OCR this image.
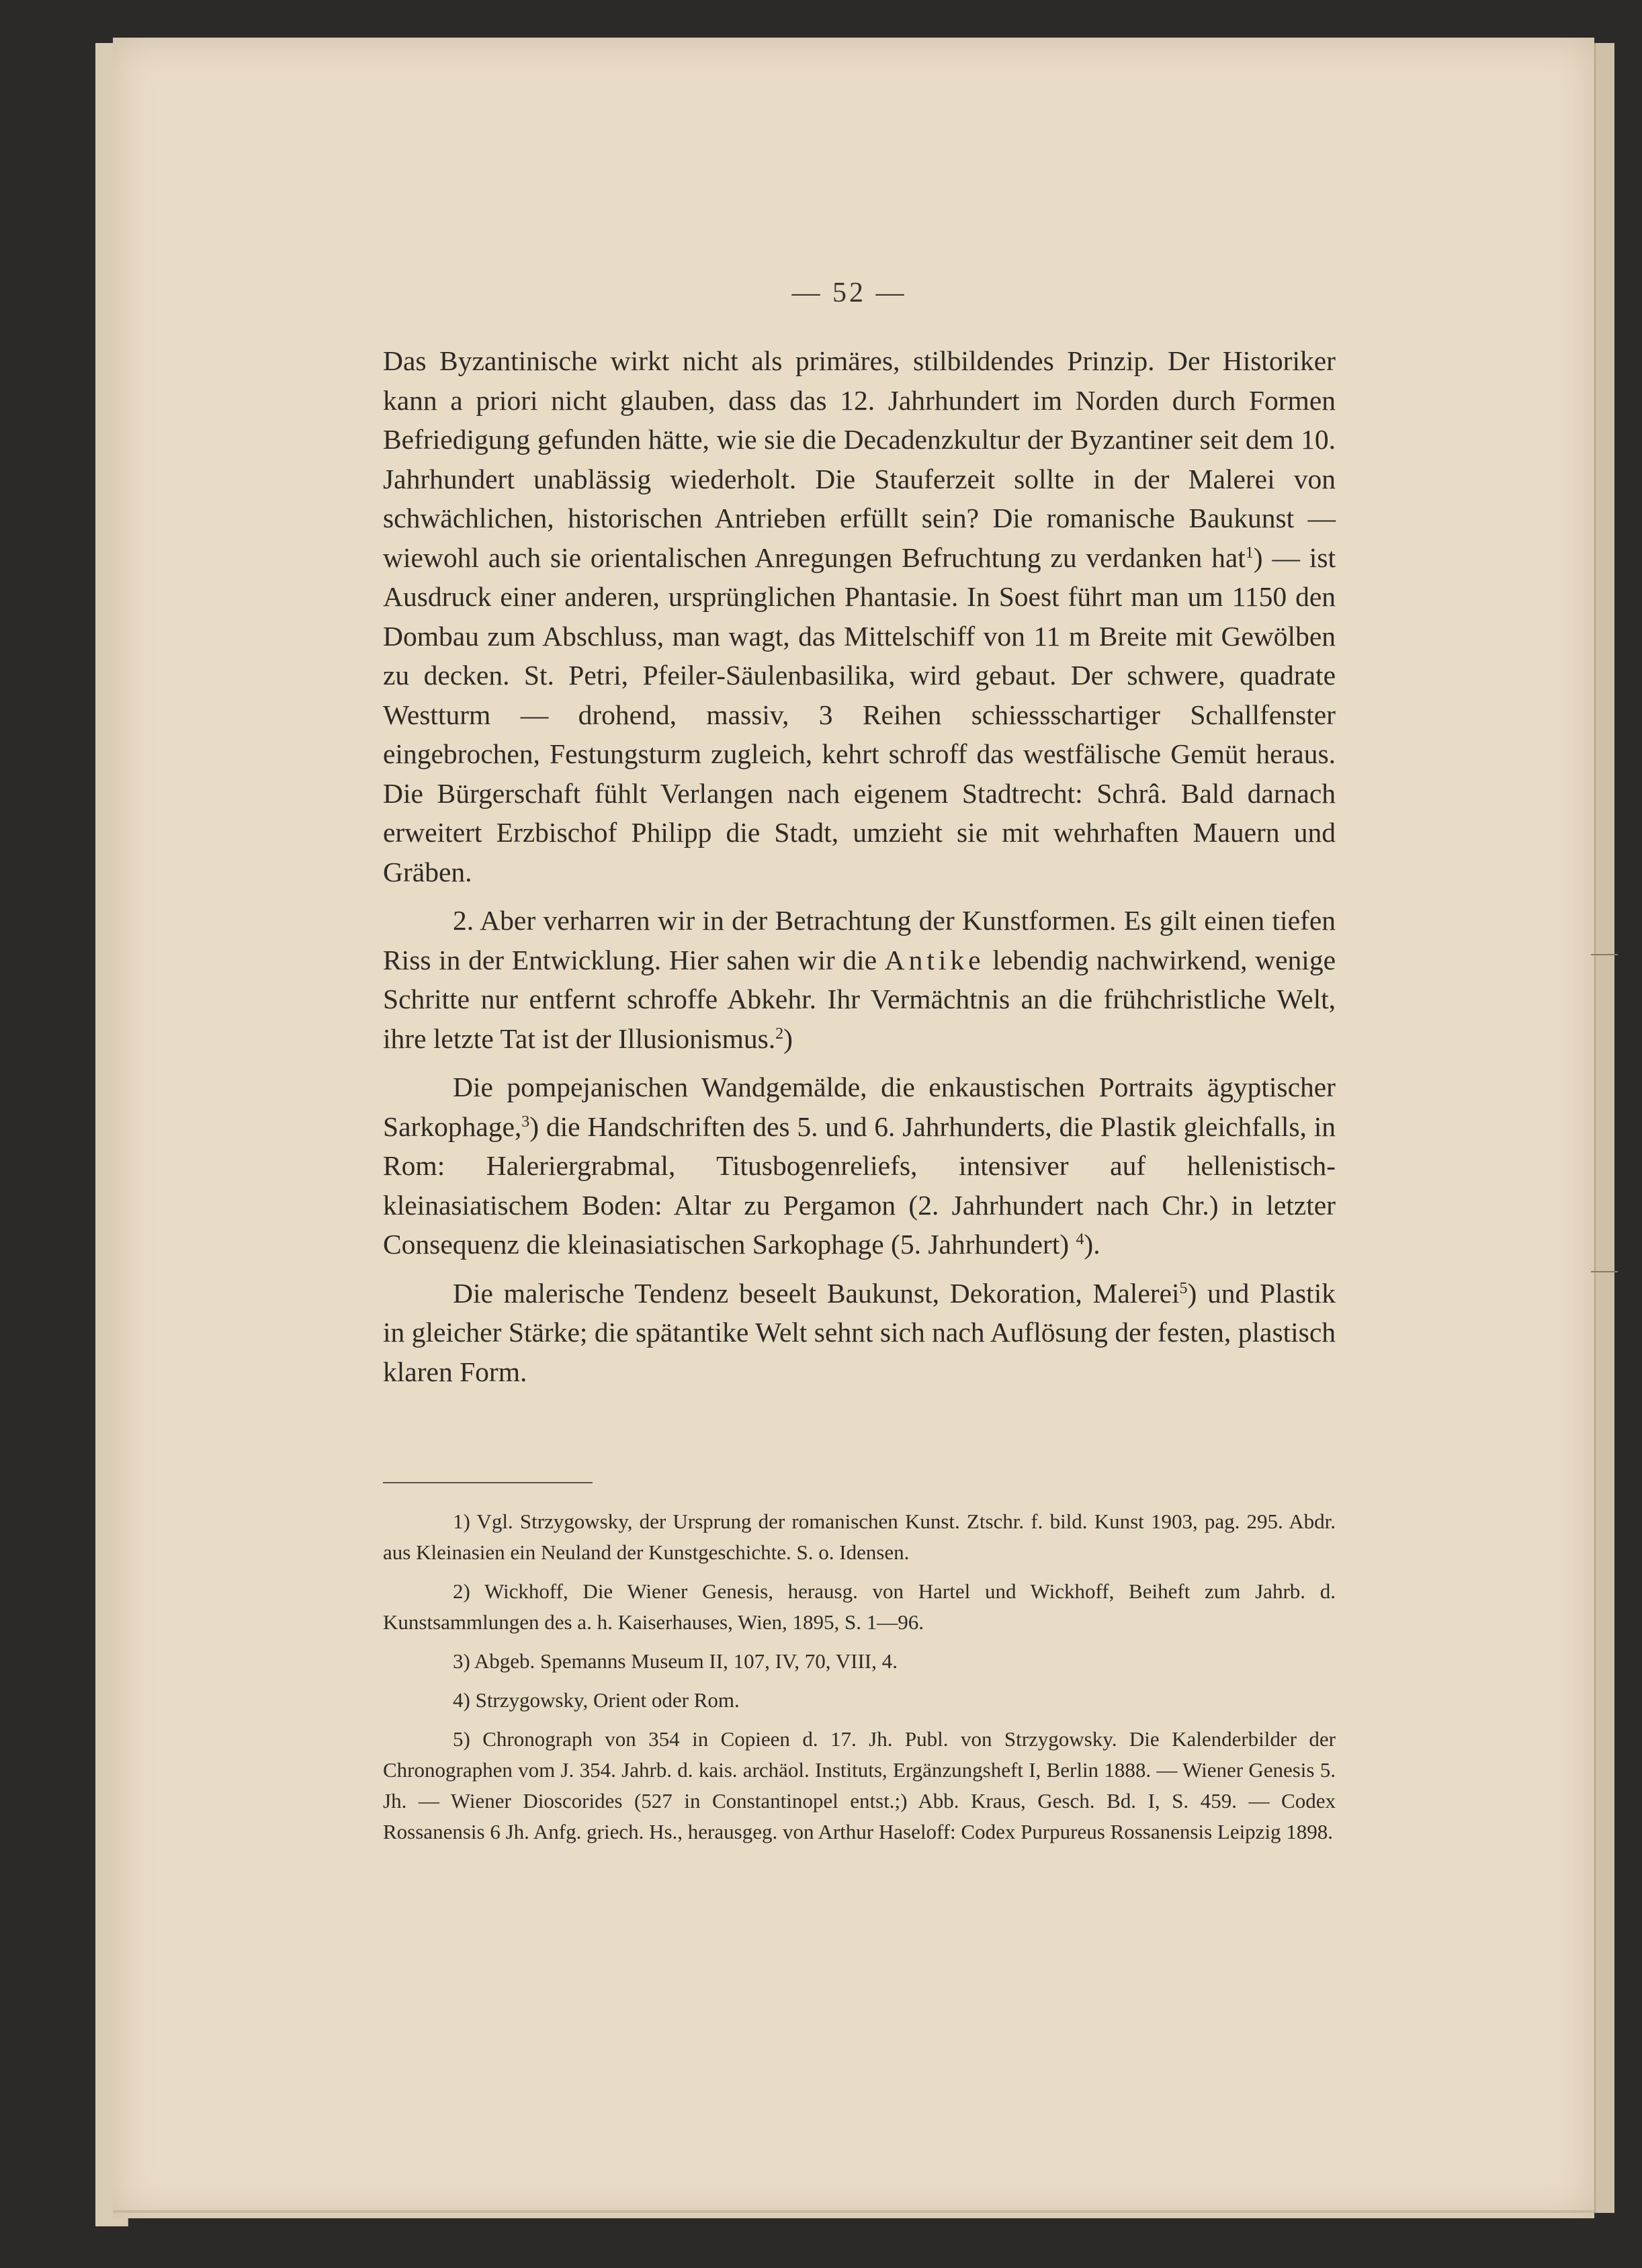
— 52 —

Das Byzantinische wirkt nicht als primäres, stilbildendes Prinzip. Der Historiker kann a priori nicht glauben, dass das 12. Jahrhundert im Norden durch Formen Befriedigung gefunden hätte, wie sie die Decadenzkultur der Byzantiner seit dem 10. Jahrhundert unablässig wiederholt. Die Stauferzeit sollte in der Malerei von schwächlichen, historischen Antrieben erfüllt sein? Die romanische Baukunst — wiewohl auch sie orientalischen Anregungen Befruchtung zu verdanken hat$^1$) — ist Ausdruck einer anderen, ursprünglichen Phantasie. In Soest führt man um 1150 den Dombau zum Abschluss, man wagt, das Mittelschiff von 11 m Breite mit Gewölben zu decken. St. Petri, Pfeiler-Säulenbasilika, wird gebaut. Der schwere, quadrate Westturm — drohend, massiv, 3 Reihen schiessschartiger Schallfenster eingebrochen, Festungsturm zugleich, kehrt schroff das westfälische Gemüt heraus. Die Bürgerschaft fühlt Verlangen nach eigenem Stadtrecht: Schrâ. Bald darnach erweitert Erzbischof Philipp die Stadt, umzieht sie mit wehrhaften Mauern und Gräben.

2. Aber verharren wir in der Betrachtung der Kunstformen. Es gilt einen tiefen Riss in der Entwicklung. Hier sahen wir die Antike lebendig nachwirkend, wenige Schritte nur entfernt schroffe Abkehr. Ihr Vermächtnis an die frühchristliche Welt, ihre letzte Tat ist der Illusionismus.$^2$)

Die pompejanischen Wandgemälde, die enkaustischen Portraits ägyptischer Sarkophage,$^3$) die Handschriften des 5. und 6. Jahrhunderts, die Plastik gleichfalls, in Rom: Haleriergrabmal, Titusbogenreliefs, intensiver auf hellenistisch-kleinasiatischem Boden: Altar zu Pergamon (2. Jahrhundert nach Chr.) in letzter Consequenz die kleinasiatischen Sarkophage (5. Jahrhundert) $^4$).

Die malerische Tendenz beseelt Baukunst, Dekoration, Malerei$^5$) und Plastik in gleicher Stärke; die spätantike Welt sehnt sich nach Auflösung der festen, plastisch klaren Form.

1) Vgl. Strzygowsky, der Ursprung der romanischen Kunst. Ztschr. f. bild. Kunst 1903, pag. 295. Abdr. aus Kleinasien ein Neuland der Kunstgeschichte. S. o. Idensen.

2) Wickhoff, Die Wiener Genesis, herausg. von Hartel und Wickhoff, Beiheft zum Jahrb. d. Kunstsammlungen des a. h. Kaiserhauses, Wien, 1895, S. 1—96.

3) Abgeb. Spemanns Museum II, 107, IV, 70, VIII, 4.

4) Strzygowsky, Orient oder Rom.

5) Chronograph von 354 in Copieen d. 17. Jh. Publ. von Strzygowsky. Die Kalenderbilder der Chronographen vom J. 354. Jahrb. d. kais. archäol. Instituts, Ergänzungsheft I, Berlin 1888. — Wiener Genesis 5. Jh. — Wiener Dioscorides (527 in Constantinopel entst.;) Abb. Kraus, Gesch. Bd. I, S. 459. — Codex Rossanensis 6 Jh. Anfg. griech. Hs., herausgeg. von Arthur Haseloff: Codex Purpureus Rossanensis Leipzig 1898.
